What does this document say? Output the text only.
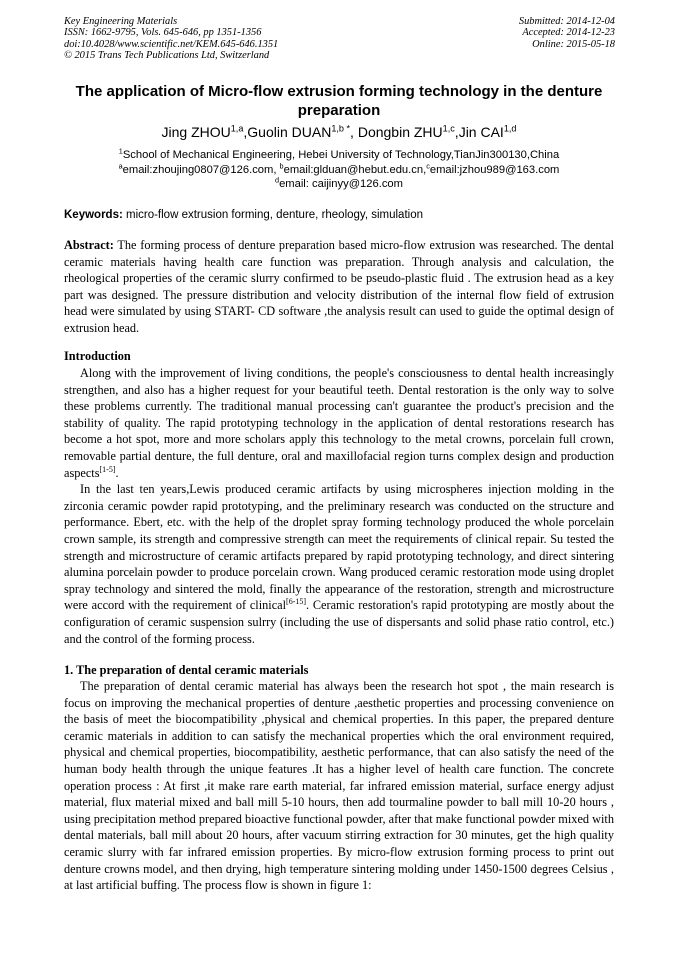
Key Engineering Materials
ISSN: 1662-9795, Vols. 645-646, pp 1351-1356
doi:10.4028/www.scientific.net/KEM.645-646.1351
© 2015 Trans Tech Publications Ltd, Switzerland
Submitted: 2014-12-04
Accepted: 2014-12-23
Online: 2015-05-18
The application of Micro-flow extrusion forming technology in the denture preparation
Jing ZHOU$^{1,a}$,Guolin $DUAN^{1,b *}$, Dongbin ZHU$^{1,c}$,Jin CAI$^{1,d}$
$^1$School of Mechanical Engineering, Hebei University of Technology,TianJin300130,China
$^a$email:zhoujing0807@126.com, $^b$email:glduan@hebut.edu.cn,$^c$email:jzhou989@163.com
$^d$email: caijinyy@126.com
Keywords: micro-flow extrusion forming, denture, rheology, simulation

Abstract: The forming process of denture preparation based micro-flow extrusion was researched. The dental ceramic materials having health care function was preparation. Through analysis and calculation, the rheological properties of the ceramic slurry confirmed to be pseudo-plastic fluid . The extrusion head as a key part was designed. The pressure distribution and velocity distribution of the internal flow field of extrusion head were simulated by using START- CD software ,the analysis result can used to guide the optimal design of extrusion head.

Introduction

Along with the improvement of living conditions, the people's consciousness to dental health increasingly strengthen, and also has a higher request for your beautiful teeth. Dental restoration is the only way to solve these problems currently. The traditional manual processing can't guarantee the product's precision and the stability of quality. The rapid prototyping technology in the application of dental restorations research has become a hot spot, more and more scholars apply this technology to the metal crowns, porcelain full crown, removable partial denture, the full denture, oral and maxillofacial region turns complex design and production aspects[1-5].

In the last ten years,Lewis produced ceramic artifacts by using microspheres injection molding in the zirconia ceramic powder rapid prototyping, and the preliminary research was conducted on the structure and performance. Ebert, etc. with the help of the droplet spray forming technology produced the whole porcelain crown sample, its strength and compressive strength can meet the requirements of clinical repair. Su tested the strength and microstructure of ceramic artifacts prepared by rapid prototyping technology, and direct sintering alumina porcelain powder to produce porcelain crown. Wang produced ceramic restoration mode using droplet spray technology and sintered the mold, finally the appearance of the restoration, strength and microstructure were accord with the requirement of clinical[6-15]. Ceramic restoration's rapid prototyping are mostly about the configuration of ceramic suspension sulrry (including the use of dispersants and solid phase ratio control, etc.) and the control of the forming process.

1. The preparation of dental ceramic materials

The preparation of dental ceramic material has always been the research hot spot , the main research is focus on improving the mechanical properties of denture ,aesthetic properties and processing convenience on the basis of meet the biocompatibility ,physical and chemical properties. In this paper, the prepared denture ceramic materials in addition to can satisfy the mechanical properties which the oral environment required, physical and chemical properties, biocompatibility, aesthetic performance, that can also satisfy the need of the human body health through the unique features .It has a higher level of health care function. The concrete operation process : At first ,it make rare earth material, far infrared emission material, surface energy adjust material, flux material mixed and ball mill 5-10 hours, then add tourmaline powder to ball mill 10-20 hours , using precipitation method prepared bioactive functional powder, after that make functional powder mixed with dental materials, ball mill about 20 hours, after vacuum stirring extraction for 30 minutes, get the high quality ceramic slurry with far infrared emission properties. By micro-flow extrusion forming process to print out denture crowns model, and then drying, high temperature sintering molding under 1450-1500 degrees Celsius , at last artificial buffing. The process flow is shown in figure 1:
